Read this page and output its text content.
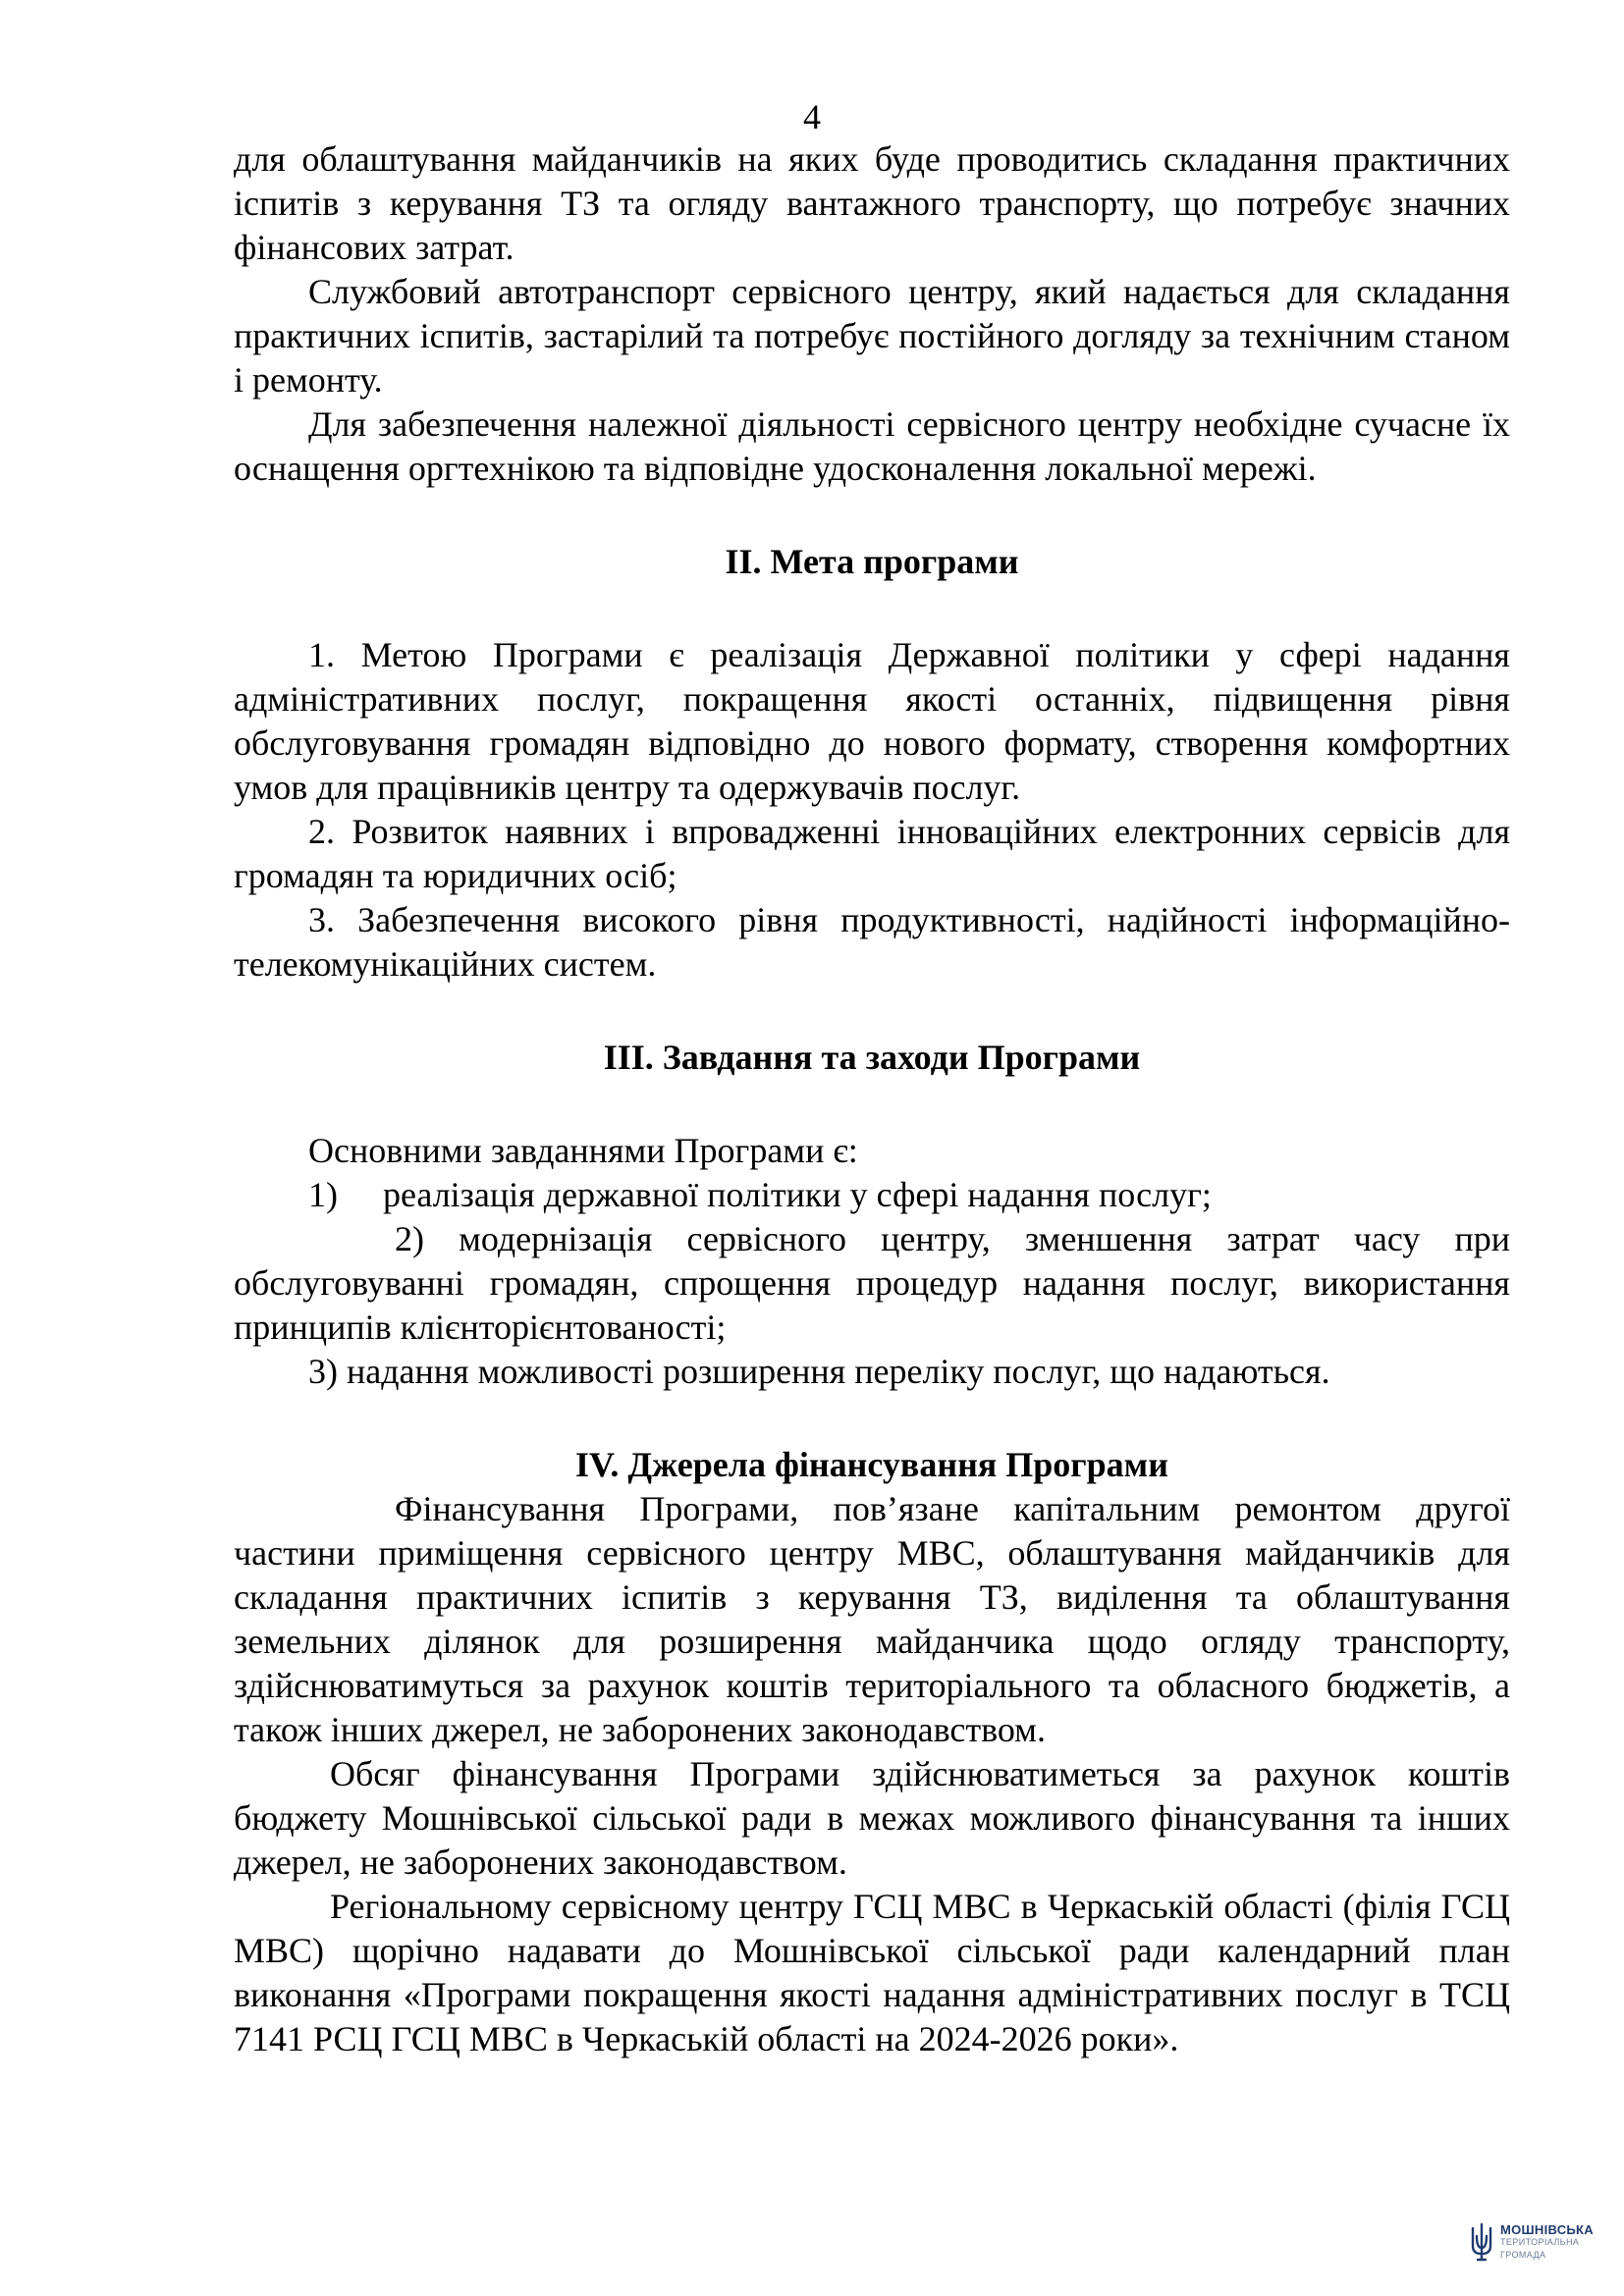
4

для облаштування майданчиків на яких буде проводитись складання практичних іспитів з керування ТЗ та огляду вантажного транспорту, що потребує значних фінансових затрат.

Службовий автотранспорт сервісного центру, який надається для складання практичних іспитів, застарілий та потребує постійного догляду за технічним станом і ремонту.

Для забезпечення належної діяльності сервісного центру необхідне сучасне їх оснащення оргтехнікою та відповідне удосконалення локальної мережі.

ІІ. Мета програми

1. Метою Програми є реалізація Державної політики у сфері надання адміністративних послуг, покращення якості останніх, підвищення рівня обслуговування громадян відповідно до нового формату, створення комфортних умов для працівників центру та одержувачів послуг.

2. Розвиток наявних і впровадженні інноваційних електронних сервісів для громадян та юридичних осіб;

3. Забезпечення високого рівня продуктивності, надійності інформаційно-телекомунікаційних систем.

ІІІ. Завдання та заходи Програми

Основними завданнями Програми є:

1)	реалізація державної політики у сфері надання послуг;

2) модернізація сервісного центру, зменшення затрат часу при обслуговуванні громадян, спрощення процедур надання послуг, використання принципів клієнторієнтованості;

3) надання можливості розширення переліку послуг, що надаються.

IV. Джерела фінансування Програми

Фінансування Програми, пов’язане капітальним ремонтом другої частини приміщення сервісного центру МВС, облаштування майданчиків для складання практичних іспитів з керування ТЗ, виділення та облаштування земельних ділянок для розширення майданчика щодо огляду транспорту, здійснюватимуться за рахунок коштів територіального та обласного бюджетів, а також інших джерел, не заборонених законодавством.

Обсяг фінансування Програми здійснюватиметься за рахунок коштів бюджету Мошнівської сільської ради в межах можливого фінансування та інших джерел, не заборонених законодавством.

Регіональному сервісному центру ГСЦ МВС в Черкаській області (філія ГСЦ МВС) щорічно надавати до Мошнівської сільської ради календарний план виконання «Програми покращення якості надання адміністративних послуг в ТСЦ 7141 РСЦ ГСЦ МВС в Черкаській області на 2024-2026 роки».

МОШНІВСЬКА
ТЕРИТОРІАЛЬНА
ГРОМАДА
